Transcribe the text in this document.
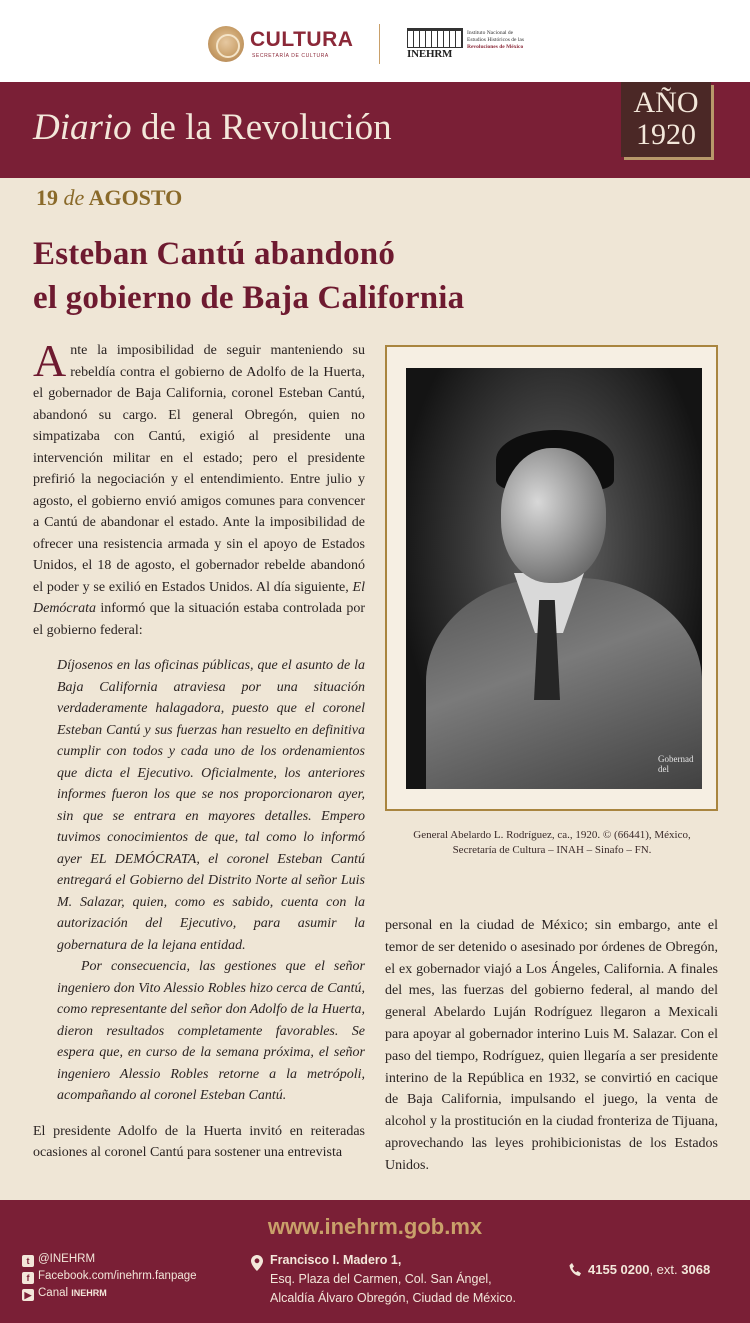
CULTURA
SECRETARÍA DE CULTURA	INEHRM
Instituto Nacional de
Estudios Históricos de las
Revoluciones de México
Diario de la Revolución
AÑO
1920
19 de AGOSTO
Esteban Cantú abandonó
el gobierno de Baja California

Ante la imposibilidad de seguir manteniendo su rebeldía contra el gobierno de Adolfo de la Huerta, el gobernador de Baja California, coronel Esteban Cantú, abandonó su cargo. El general Obregón, quien no simpatizaba con Cantú, exigió al presidente una intervención militar en el estado; pero el presidente prefirió la negociación y el entendimiento. Entre julio y agosto, el gobierno envió amigos comunes para convencer a Cantú de abandonar el estado. Ante la imposibilidad de ofrecer una resistencia armada y sin el apoyo de Estados Unidos, el 18 de agosto, el gobernador rebelde abandonó el poder y se exilió en Estados Unidos. Al día siguiente, El Demócrata informó que la situación estaba controlada por el gobierno federal:

Díjosenos en las oficinas públicas, que el asunto de la Baja California atraviesa por una situación verdaderamente halagadora, puesto que el coronel Esteban Cantú y sus fuerzas han resuelto en definitiva cumplir con todos y cada uno de los ordenamientos que dicta el Ejecutivo. Oficialmente, los anteriores informes fueron los que se nos proporcionaron ayer, sin que se entrara en mayores detalles. Empero tuvimos conocimientos de que, tal como lo informó ayer EL DEMÓCRATA, el coronel Esteban Cantú entregará el Gobierno del Distrito Norte al señor Luis M. Salazar, quien, como es sabido, cuenta con la autorización del Ejecutivo, para asumir la gobernatura de la lejana entidad.

Por consecuencia, las gestiones que el señor ingeniero don Vito Alessio Robles hizo cerca de Cantú, como representante del señor don Adolfo de la Huerta, dieron resultados completamente favorables. Se espera que, en curso de la semana próxima, el señor ingeniero Alessio Robles retorne a la metrópoli, acompañando al coronel Esteban Cantú.

El presidente Adolfo de la Huerta invitó en reiteradas ocasiones al coronel Cantú para sostener una entrevista

Gobernad del
General Abelardo L. Rodríguez, ca., 1920. © (66441), México,
Secretaría de Cultura – INAH – Sinafo – FN.

personal en la ciudad de México; sin embargo, ante el temor de ser detenido o asesinado por órdenes de Obregón, el ex gobernador viajó a Los Ángeles, California. A finales del mes, las fuerzas del gobierno federal, al mando del general Abelardo Luján Rodríguez llegaron a Mexicali para apoyar al gobernador interino Luis M. Salazar. Con el paso del tiempo, Rodríguez, quien llegaría a ser presidente interino de la República en 1932, se convirtió en cacique de Baja California, impulsando el juego, la venta de alcohol y la prostitución en la ciudad fronteriza de Tijuana, aprovechando las leyes prohibicionistas de los Estados Unidos.

www.inehrm.gob.mx
t @INEHRM
f Facebook.com/inehrm.fanpage
▶ Canal INEHRM
Francisco I. Madero 1,
Esq. Plaza del Carmen, Col. San Ángel,
Alcaldía Álvaro Obregón, Ciudad de México.
4155 0200, ext. 3068
